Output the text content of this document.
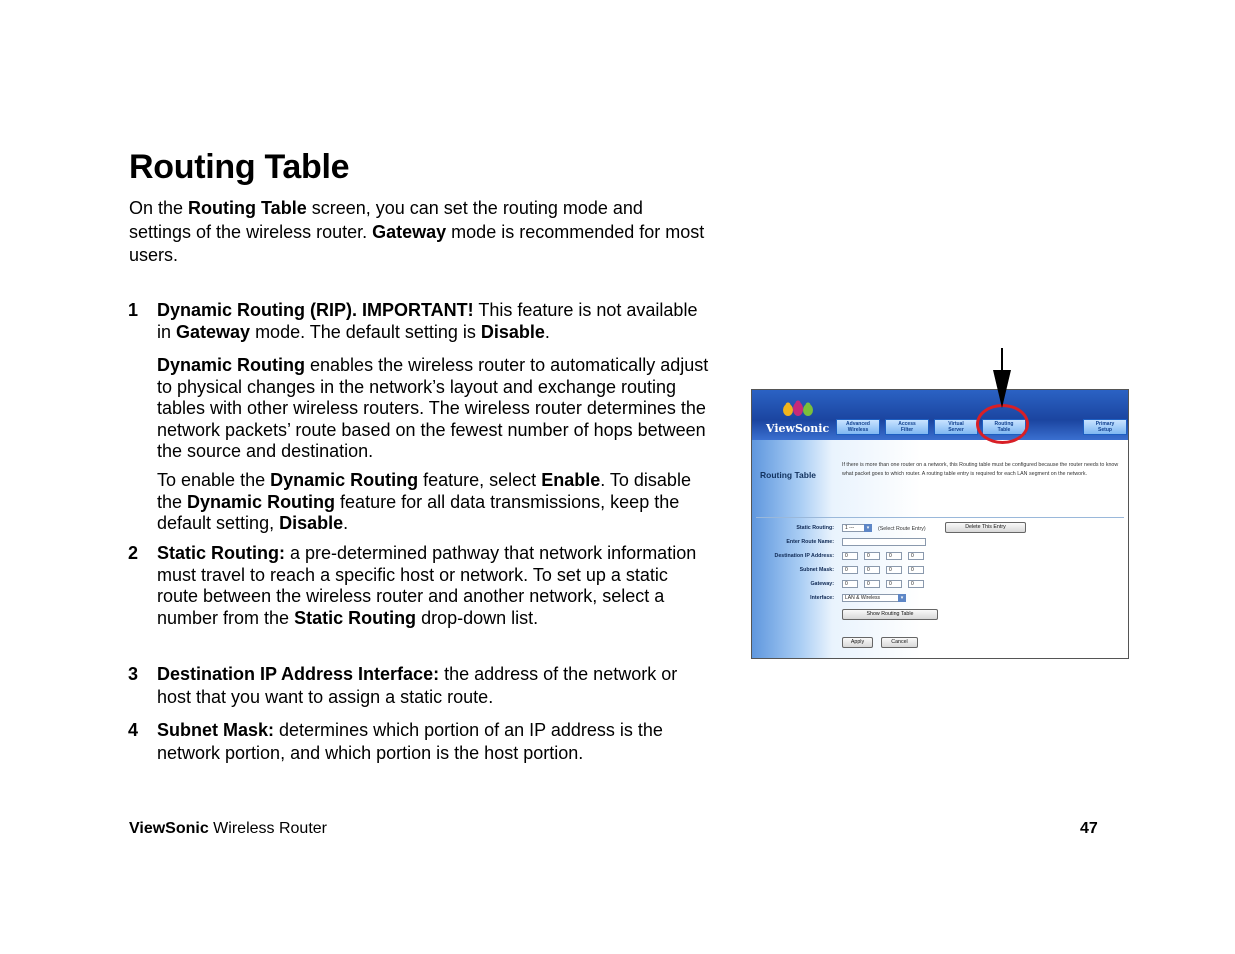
Routing Table

On the Routing Table screen, you can set the routing mode and settings of the wireless router. Gateway mode is recommended for most users.

1 Dynamic Routing (RIP). IMPORTANT! This feature is not available in Gateway mode. The default setting is Disable.

Dynamic Routing enables the wireless router to automatically adjust to physical changes in the network’s layout and exchange routing tables with other wireless routers. The wireless router determines the network packets’ route based on the fewest number of hops between the source and destination.

To enable the Dynamic Routing feature, select Enable. To disable the Dynamic Routing feature for all data transmissions, keep the default setting, Disable.

2 Static Routing: a pre-determined pathway that network information must travel to reach a specific host or network. To set up a static route between the wireless router and another network, select a number from the Static Routing drop-down list.

3 Destination IP Address Interface: the address of the network or host that you want to assign a static route.

4 Subnet Mask: determines which portion of an IP address is the network portion, and which portion is the host portion.

ViewSonic Wireless Router	47
ViewSonic	Advanced
Wireless
Access
Filter
Virtual
Server
Routing
Table
Primary
Setup
Routing Table
If there is more than one router on a network, this Routing table must be configured because the router needs to know what packet goes to which router. A routing table entry is required for each LAN segment on the network.
Static Routing:	1 ---	▾	(Select Route Entry)	Delete This Entry
Enter Route Name:
Destination IP Address:	0	0	0	0
Subnet Mask:	0	0	0	0
Gateway:	0	0	0	0
Interface:	LAN & Wireless	▾
Show Routing Table
Apply	Cancel
